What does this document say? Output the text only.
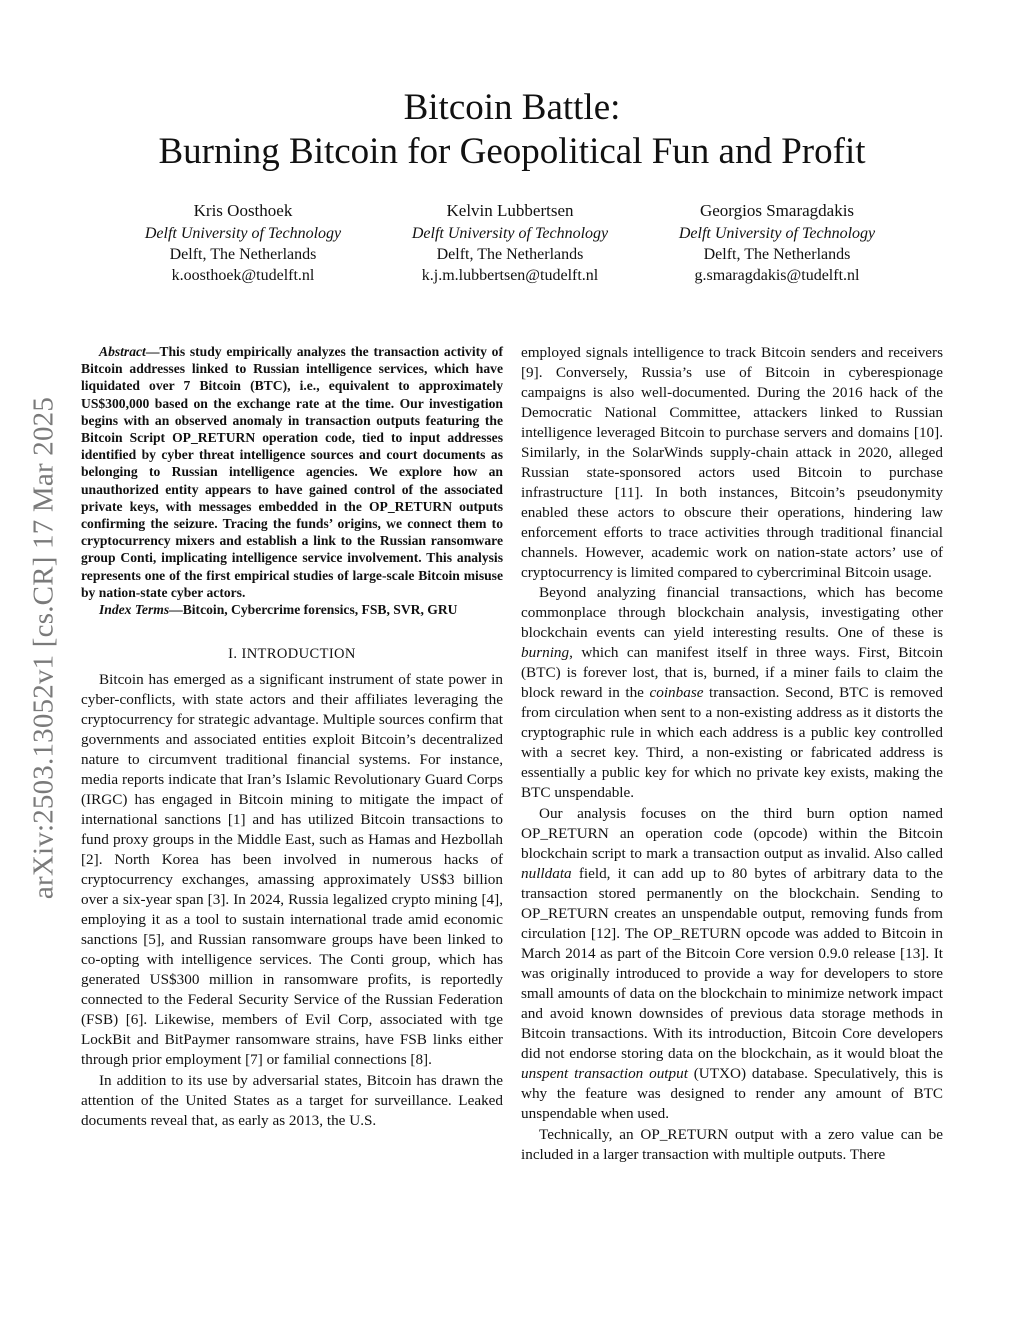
Bitcoin Battle:
Burning Bitcoin for Geopolitical Fun and Profit
Kris Oosthoek
Delft University of Technology
Delft, The Netherlands
k.oosthoek@tudelft.nl
Kelvin Lubbertsen
Delft University of Technology
Delft, The Netherlands
k.j.m.lubbertsen@tudelft.nl
Georgios Smaragdakis
Delft University of Technology
Delft, The Netherlands
g.smaragdakis@tudelft.nl
arXiv:2503.13052v1 [cs.CR] 17 Mar 2025

Abstract—This study empirically analyzes the transaction activity of Bitcoin addresses linked to Russian intelligence services, which have liquidated over 7 Bitcoin (BTC), i.e., equivalent to approximately US$300,000 based on the exchange rate at the time. Our investigation begins with an observed anomaly in transaction outputs featuring the Bitcoin Script OP_RETURN operation code, tied to input addresses identified by cyber threat intelligence sources and court documents as belonging to Russian intelligence agencies. We explore how an unauthorized entity appears to have gained control of the associated private keys, with messages embedded in the OP_RETURN outputs confirming the seizure. Tracing the funds’ origins, we connect them to cryptocurrency mixers and establish a link to the Russian ransomware group Conti, implicating intelligence service involvement. This analysis represents one of the first empirical studies of large-scale Bitcoin misuse by nation-state cyber actors.

Index Terms—Bitcoin, Cybercrime forensics, FSB, SVR, GRU

I. INTRODUCTION

Bitcoin has emerged as a significant instrument of state power in cyber-conflicts, with state actors and their affiliates leveraging the cryptocurrency for strategic advantage. Multiple sources confirm that governments and associated entities exploit Bitcoin’s decentralized nature to circumvent traditional financial systems. For instance, media reports indicate that Iran’s Islamic Revolutionary Guard Corps (IRGC) has engaged in Bitcoin mining to mitigate the impact of international sanctions [1] and has utilized Bitcoin transactions to fund proxy groups in the Middle East, such as Hamas and Hezbollah [2]. North Korea has been involved in numerous hacks of cryptocurrency exchanges, amassing approximately US$3 billion over a six-year span [3]. In 2024, Russia legalized crypto mining [4], employing it as a tool to sustain international trade amid economic sanctions [5], and Russian ransomware groups have been linked to co-opting with intelligence services. The Conti group, which has generated US$300 million in ransomware profits, is reportedly connected to the Federal Security Service of the Russian Federation (FSB) [6]. Likewise, members of Evil Corp, associated with tge LockBit and BitPaymer ransomware strains, have FSB links either through prior employment [7] or familial connections [8].

In addition to its use by adversarial states, Bitcoin has drawn the attention of the United States as a target for surveillance. Leaked documents reveal that, as early as 2013, the U.S.

employed signals intelligence to track Bitcoin senders and receivers [9]. Conversely, Russia’s use of Bitcoin in cyberespionage campaigns is also well-documented. During the 2016 hack of the Democratic National Committee, attackers linked to Russian intelligence leveraged Bitcoin to purchase servers and domains [10]. Similarly, in the SolarWinds supply-chain attack in 2020, alleged Russian state-sponsored actors used Bitcoin to purchase infrastructure [11]. In both instances, Bitcoin’s pseudonymity enabled these actors to obscure their operations, hindering law enforcement efforts to trace activities through traditional financial channels. However, academic work on nation-state actors’ use of cryptocurrency is limited compared to cybercriminal Bitcoin usage.

Beyond analyzing financial transactions, which has become commonplace through blockchain analysis, investigating other blockchain events can yield interesting results. One of these is burning, which can manifest itself in three ways. First, Bitcoin (BTC) is forever lost, that is, burned, if a miner fails to claim the block reward in the coinbase transaction. Second, BTC is removed from circulation when sent to a non-existing address as it distorts the cryptographic rule in which each address is a public key controlled with a secret key. Third, a non-existing or fabricated address is essentially a public key for which no private key exists, making the BTC unspendable.

Our analysis focuses on the third burn option named OP_RETURN an operation code (opcode) within the Bitcoin blockchain script to mark a transaction output as invalid. Also called nulldata field, it can add up to 80 bytes of arbitrary data to the transaction stored permanently on the blockchain. Sending to OP_RETURN creates an unspendable output, removing funds from circulation [12]. The OP_RETURN opcode was added to Bitcoin in March 2014 as part of the Bitcoin Core version 0.9.0 release [13]. It was originally introduced to provide a way for developers to store small amounts of data on the blockchain to minimize network impact and avoid known downsides of previous data storage methods in Bitcoin transactions. With its introduction, Bitcoin Core developers did not endorse storing data on the blockchain, as it would bloat the unspent transaction output (UTXO) database. Speculatively, this is why the feature was designed to render any amount of BTC unspendable when used.

Technically, an OP_RETURN output with a zero value can be included in a larger transaction with multiple outputs. There
